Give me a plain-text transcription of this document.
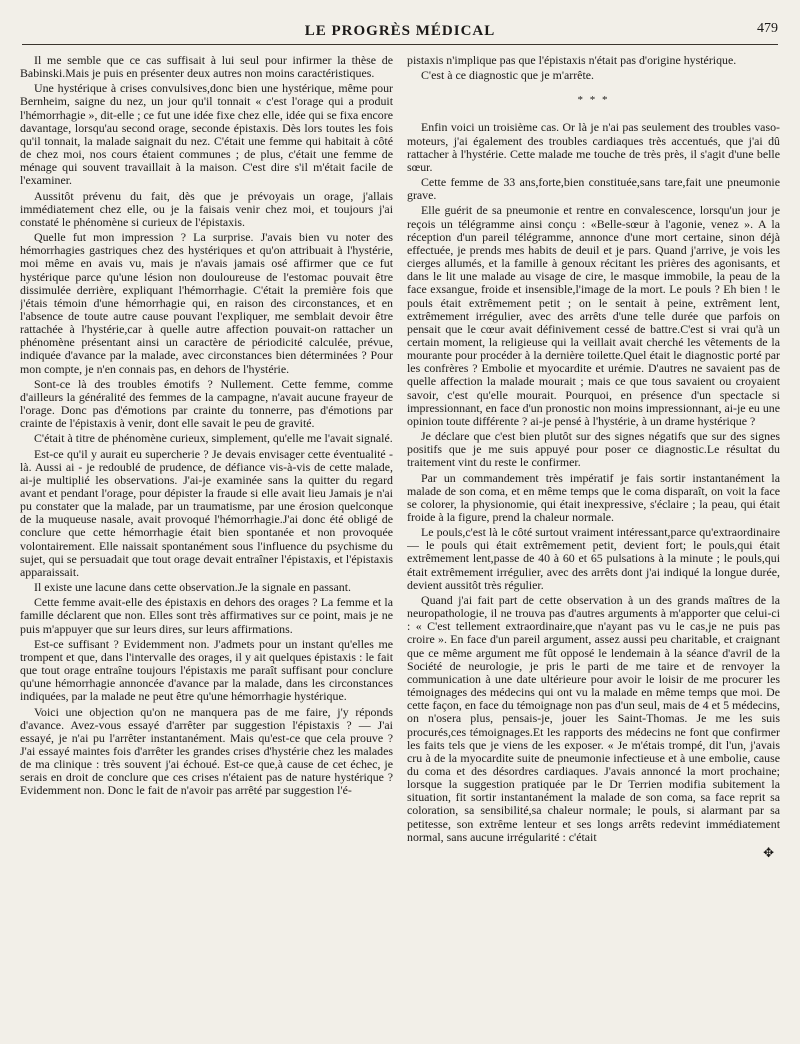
LE PROGRÈS MÉDICAL	479

Il me semble que ce cas suffisait à lui seul pour infirmer la thèse de Babinski.Mais je puis en présenter deux autres non moins caractéristiques.

Une hystérique à crises convulsives,donc bien une hystérique, même pour Bernheim, saigne du nez, un jour qu'il tonnait « c'est l'orage qui a produit l'hémorrhagie », dit-elle ; ce fut une idée fixe chez elle, idée qui se fixa encore davantage, lorsqu'au second orage, seconde épistaxis. Dès lors toutes les fois qu'il tonnait, la malade saignait du nez. C'était une femme qui habitait à côté de chez moi, nos cours étaient communes ; de plus, c'était une femme de ménage qui souvent travaillait à la maison. C'est dire s'il m'était facile de l'examiner.

Aussitôt prévenu du fait, dès que je prévoyais un orage, j'allais immédiatement chez elle, ou je la faisais venir chez moi, et toujours j'ai constaté le phénomène si curieux de l'épistaxis.

Quelle fut mon impression ? La surprise. J'avais bien vu noter des hémorrhagies gastriques chez des hystériques et qu'on attribuait à l'hystérie, moi même en avais vu, mais je n'avais jamais osé affirmer que ce fut hystérique parce qu'une lésion non douloureuse de l'estomac pouvait être dissimulée derrière, expliquant l'hémorrhagie. C'était la première fois que j'étais témoin d'une hémorrhagie qui, en raison des circonstances, et en l'absence de toute autre cause pouvant l'expliquer, me semblait devoir être rattachée à l'hystérie,car à quelle autre affection pouvait-on rattacher un phénomène présentant ainsi un caractère de périodicité calculée, prévue, indiquée d'avance par la malade, avec circonstances bien déterminées ? Pour mon compte, je n'en connais pas, en dehors de l'hystérie.

Sont-ce là des troubles émotifs ? Nullement. Cette femme, comme d'ailleurs la généralité des femmes de la campagne, n'avait aucune frayeur de l'orage. Donc pas d'émotions par crainte du tonnerre, pas d'émotions par crainte de l'épistaxis à venir, dont elle savait le peu de gravité.

C'était à titre de phénomène curieux, simplement, qu'elle me l'avait signalé.

Est-ce qu'il y aurait eu supercherie ? Je devais envisager cette éventualité - là. Aussi ai - je redoublé de prudence, de défiance vis-à-vis de cette malade, ai-je multiplié les observations. J'ai-je examinée sans la quitter du regard avant et pendant l'orage, pour dépister la fraude si elle avait lieu Jamais je n'ai pu constater que la malade, par un traumatisme, par une érosion quelconque de la muqueuse nasale, avait provoqué l'hémorrhagie.J'ai donc été obligé de conclure que cette hémorrhagie était bien spontanée et non provoquée volontairement. Elle naissait spontanément sous l'influence du psychisme du sujet, qui se persuadait que tout orage devait entraîner l'épistaxis, et l'épistaxis apparaissait.

Il existe une lacune dans cette observation.Je la signale en passant.

Cette femme avait-elle des épistaxis en dehors des orages ? La femme et la famille déclarent que non. Elles sont très affirmatives sur ce point, mais je ne puis m'appuyer que sur leurs dires, sur leurs affirmations.

Est-ce suffisant ? Evidemment non. J'admets pour un instant qu'elles me trompent et que, dans l'intervalle des orages, il y ait quelques épistaxis : le fait que tout orage entraîne toujours l'épistaxis me paraît suffisant pour conclure qu'une hémorrhagie annoncée d'avance par la malade, dans les circonstances indiquées, par la malade ne peut être qu'une hémorrhagie hystérique.

Voici une objection qu'on ne manquera pas de me faire, j'y réponds d'avance. Avez-vous essayé d'arrêter par suggestion l'épistaxis ? — J'ai essayé, je n'ai pu l'arrêter instantanément. Mais qu'est-ce que cela prouve ? J'ai essayé maintes fois d'arrêter les grandes crises d'hystérie chez les malades de ma clinique : très souvent j'ai échoué. Est-ce que,à cause de cet échec, je serais en droit de conclure que ces crises n'étaient pas de nature hystérique ? Evidemment non. Donc le fait de n'avoir pas arrêté par suggestion l'é-

pistaxis n'implique pas que l'épistaxis n'était pas d'origine hystérique.

C'est à ce diagnostic que je m'arrête.

* * *

Enfin voici un troisième cas. Or là je n'ai pas seulement des troubles vaso-moteurs, j'ai également des troubles cardiaques très accentués, que j'ai dû rattacher à l'hystérie. Cette malade me touche de très près, il s'agit d'une belle sœur.

Cette femme de 33 ans,forte,bien constituée,sans tare,fait une pneumonie grave.

Elle guérit de sa pneumonie et rentre en convalescence, lorsqu'un jour je reçois un télégramme ainsi conçu : «Belle-sœur à l'agonie, venez ». A la réception d'un pareil télégramme, annonce d'une mort certaine, sinon déjà effectuée, je prends mes habits de deuil et je pars. Quand j'arrive, je vois les cierges allumés, et la famille à genoux récitant les prières des agonisants, et dans le lit une malade au visage de cire, le masque immobile, la peau de la face exsangue, froide et insensible,l'image de la mort. Le pouls ? Eh bien ! le pouls était extrêmement petit ; on le sentait à peine, extrêment lent, extrêmement irrégulier, avec des arrêts d'une telle durée que parfois on pensait que le cœur avait définivement cessé de battre.C'est si vrai qu'à un certain moment, la religieuse qui la veillait avait cherché les vêtements de la mourante pour procéder à la dernière toilette.Quel était le diagnostic porté par les confrères ? Embolie et myocardite et urémie. D'autres ne savaient pas de quelle affection la malade mourait ; mais ce que tous savaient ou croyaient savoir, c'est qu'elle mourait. Pourquoi, en présence d'un spectacle si impressionnant, en face d'un pronostic non moins impressionnant, ai-je eu une opinion toute différente ? ai-je pensé à l'hystérie, à un drame hystérique ?

Je déclare que c'est bien plutôt sur des signes négatifs que sur des signes positifs que je me suis appuyé pour poser ce diagnostic.Le résultat du traitement vint du reste le confirmer.

Par un commandement très impératif je fais sortir instantanément la malade de son coma, et en même temps que le coma disparaît, on voit la face se colorer, la physionomie, qui était inexpressive, s'éclaire ; la peau, qui était froide à la figure, prend la chaleur normale.

Le pouls,c'est là le côté surtout vraiment intéressant,parce qu'extraordinaire — le pouls qui était extrêmement petit, devient fort; le pouls,qui était extrêmement lent,passe de 40 à 60 et 65 pulsations à la minute ; le pouls,qui était extrêmement irrégulier, avec des arrêts dont j'ai indiqué la longue durée, devient aussitôt très régulier.

Quand j'ai fait part de cette observation à un des grands maîtres de la neuropathologie, il ne trouva pas d'autres arguments à m'apporter que celui-ci : « C'est tellement extraordinaire,que n'ayant pas vu le cas,je ne puis pas croire ». En face d'un pareil argument, assez aussi peu charitable, et craignant que ce même argument me fût opposé le lendemain à la séance d'avril de la Société de neurologie, je pris le parti de me taire et de renvoyer la communication à une date ultérieure pour avoir le loisir de me procurer les témoignages des médecins qui ont vu la malade en même temps que moi. De cette façon, en face du témoignage non pas d'un seul, mais de 4 et 5 médecins, on n'osera plus, pensais-je, jouer les Saint-Thomas. Je me les suis procurés,ces témoignages.Et les rapports des médecins ne font que confirmer les faits tels que je viens de les exposer. « Je m'étais trompé, dit l'un, j'avais cru à de la myocardite suite de pneumonie infectieuse et à une embolie, cause du coma et des désordres cardiaques. J'avais annoncé la mort prochaine; lorsque la suggestion pratiquée par le Dr Terrien modifia subitement la situation, fit sortir instantanément la malade de son coma, sa face reprit sa coloration, sa sensibilité,sa chaleur normale; le pouls, si alarmant par sa petitesse, son extrême lenteur et ses longs arrêts redevint immédiatement normal, sans aucune irrégularité : c'était

✥
